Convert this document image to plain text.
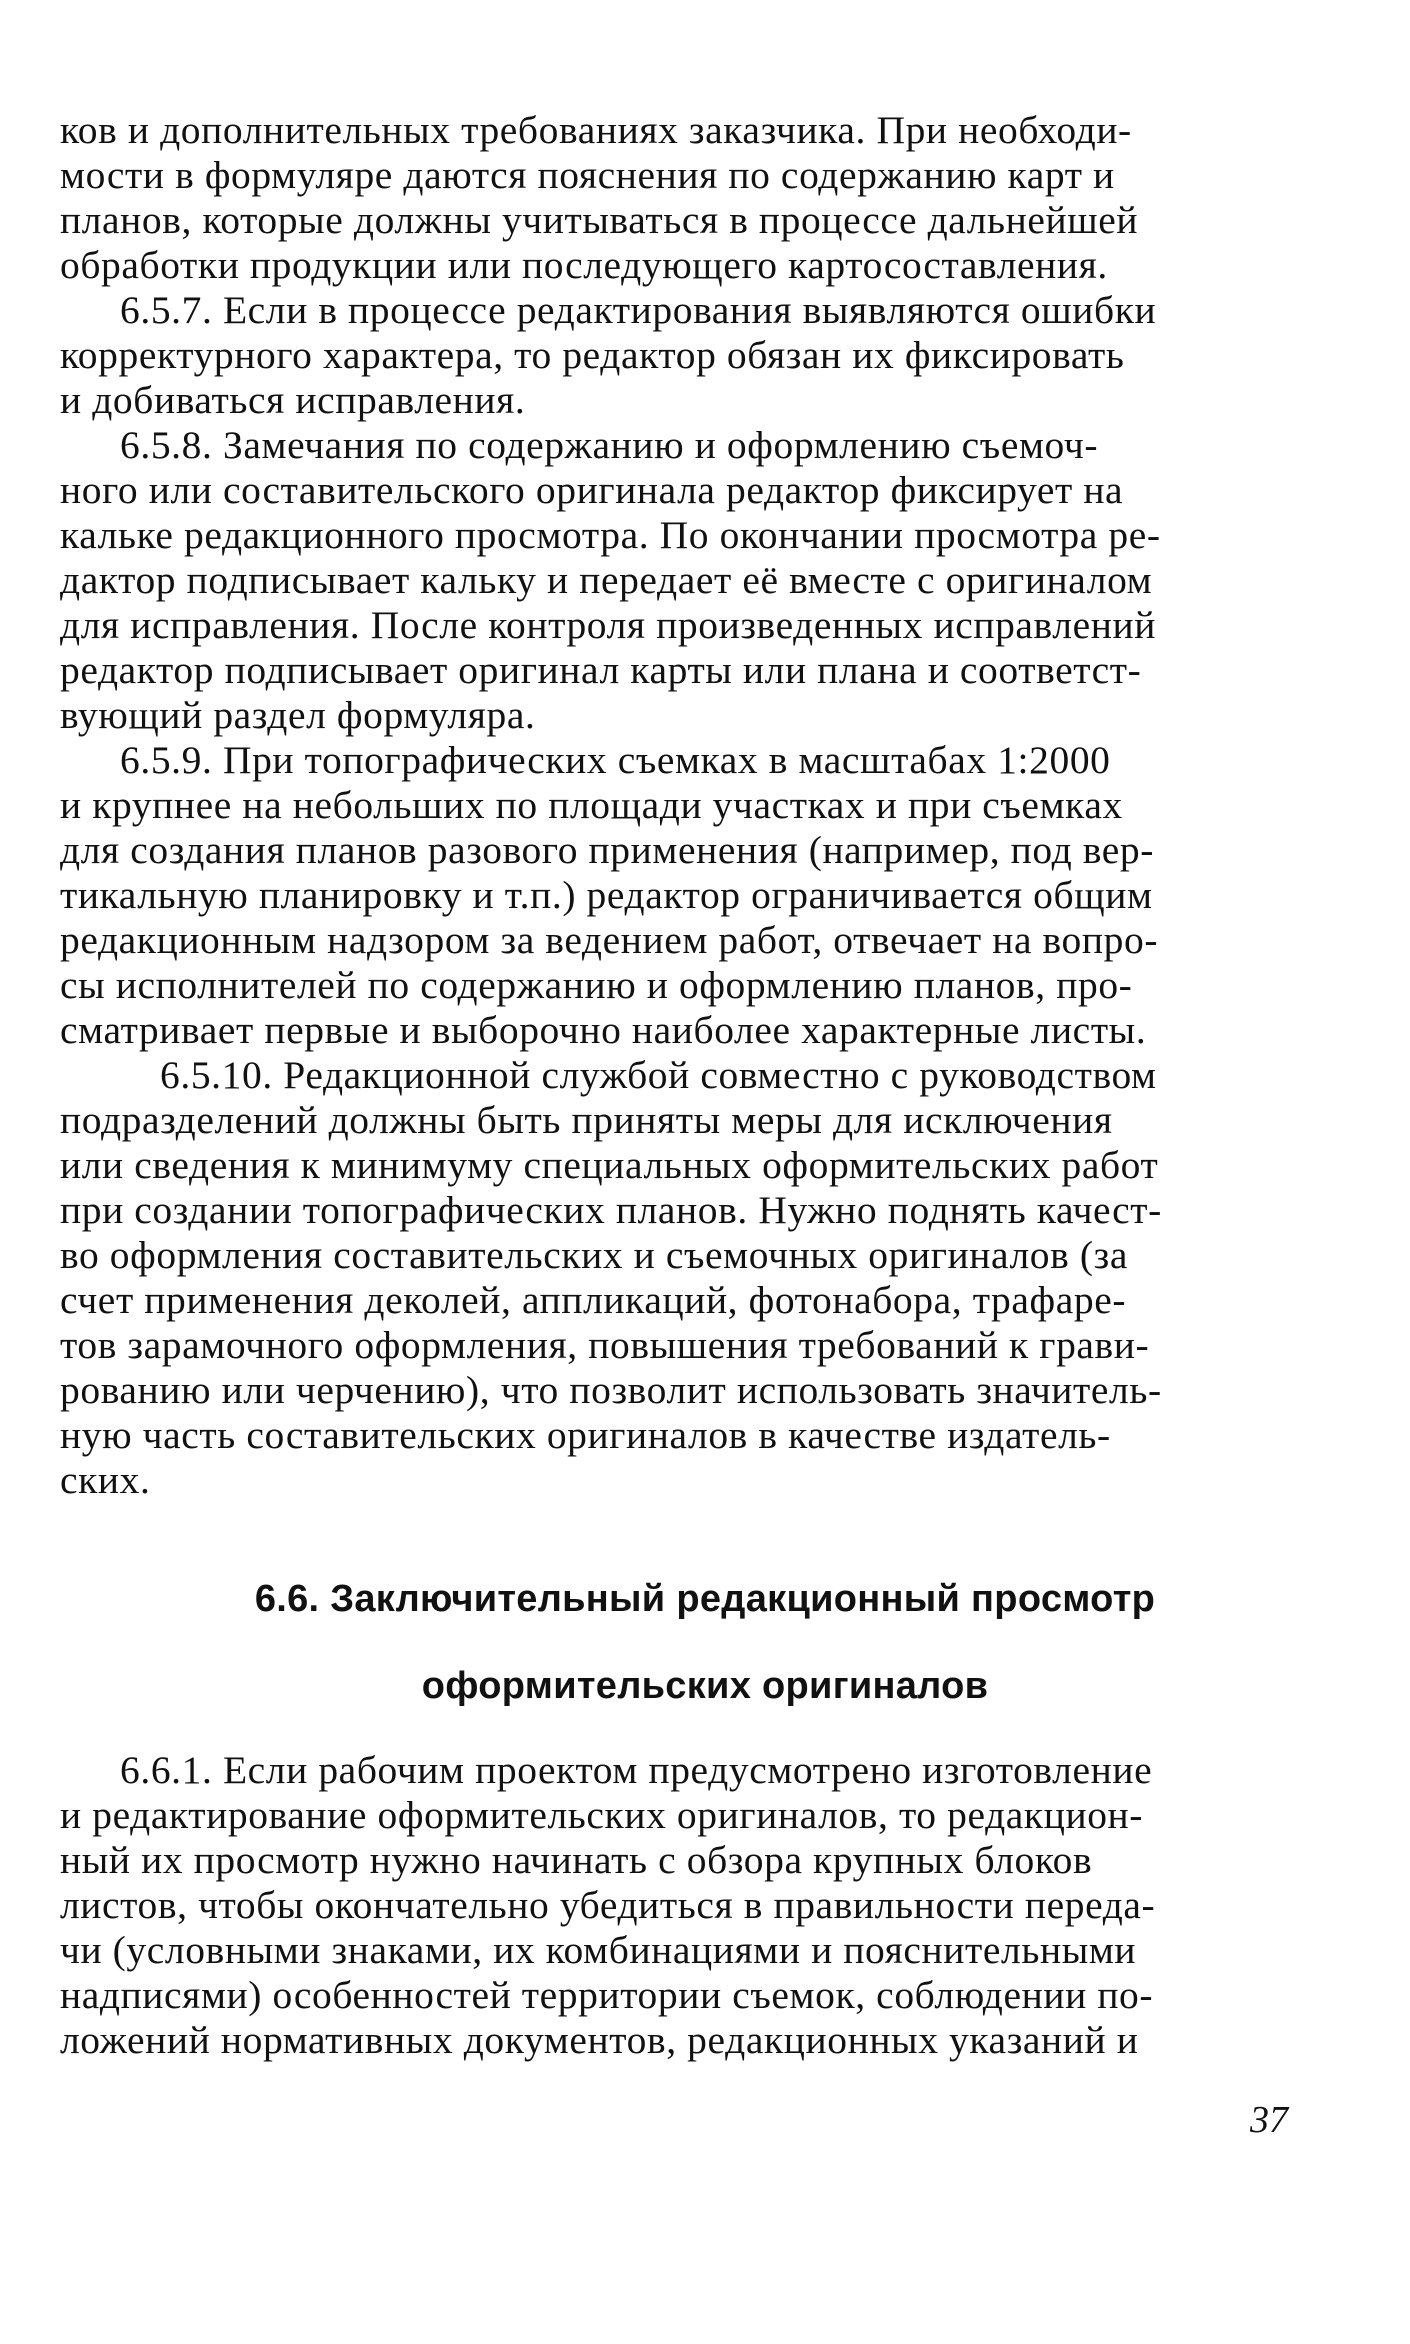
ков и дополнительных требованиях заказчика. При необходи-
мости в формуляре даются пояснения по содержанию карт и
планов, которые должны учитываться в процессе дальнейшей
обработки продукции или последующего картосоставления.
6.5.7. Если в процессе редактирования выявляются ошибки
корректурного характера, то редактор обязан их фиксировать
и добиваться исправления.
6.5.8. Замечания по содержанию и оформлению съемоч-
ного или составительского оригинала редактор фиксирует на
кальке редакционного просмотра. По окончании просмотра ре-
дактор подписывает кальку и передает её вместе с оригиналом
для исправления. После контроля произведенных исправлений
редактор подписывает оригинал карты или плана и соответст-
вующий раздел формуляра.
6.5.9. При топографических съемках в масштабах 1:2000
и крупнее на небольших по площади участках и при съемках
для создания планов разового применения (например, под вер-
тикальную планировку и т.п.) редактор ограничивается общим
редакционным надзором за ведением работ, отвечает на вопро-
сы исполнителей по содержанию и оформлению планов, про-
сматривает первые и выборочно наиболее характерные листы.
6.5.10. Редакционной службой совместно с руководством
подразделений должны быть приняты меры для исключения
или сведения к минимуму специальных оформительских работ
при создании топографических планов. Нужно поднять качест-
во оформления составительских и съемочных оригиналов (за
счет применения деколей, аппликаций, фотонабора, трафаре-
тов зарамочного оформления, повышения требований к грави-
рованию или черчению), что позволит использовать значитель-
ную часть составительских оригиналов в качестве издатель-
ских.
6.6. Заключительный редакционный просмотр
оформительских оригиналов
6.6.1. Если рабочим проектом предусмотрено изготовление
и редактирование оформительских оригиналов, то редакцион-
ный их просмотр нужно начинать с обзора крупных блоков
листов, чтобы окончательно убедиться в правильности переда-
чи (условными знаками, их комбинациями и пояснительными
надписями) особенностей территории съемок, соблюдении по-
ложений нормативных документов, редакционных указаний и
37
